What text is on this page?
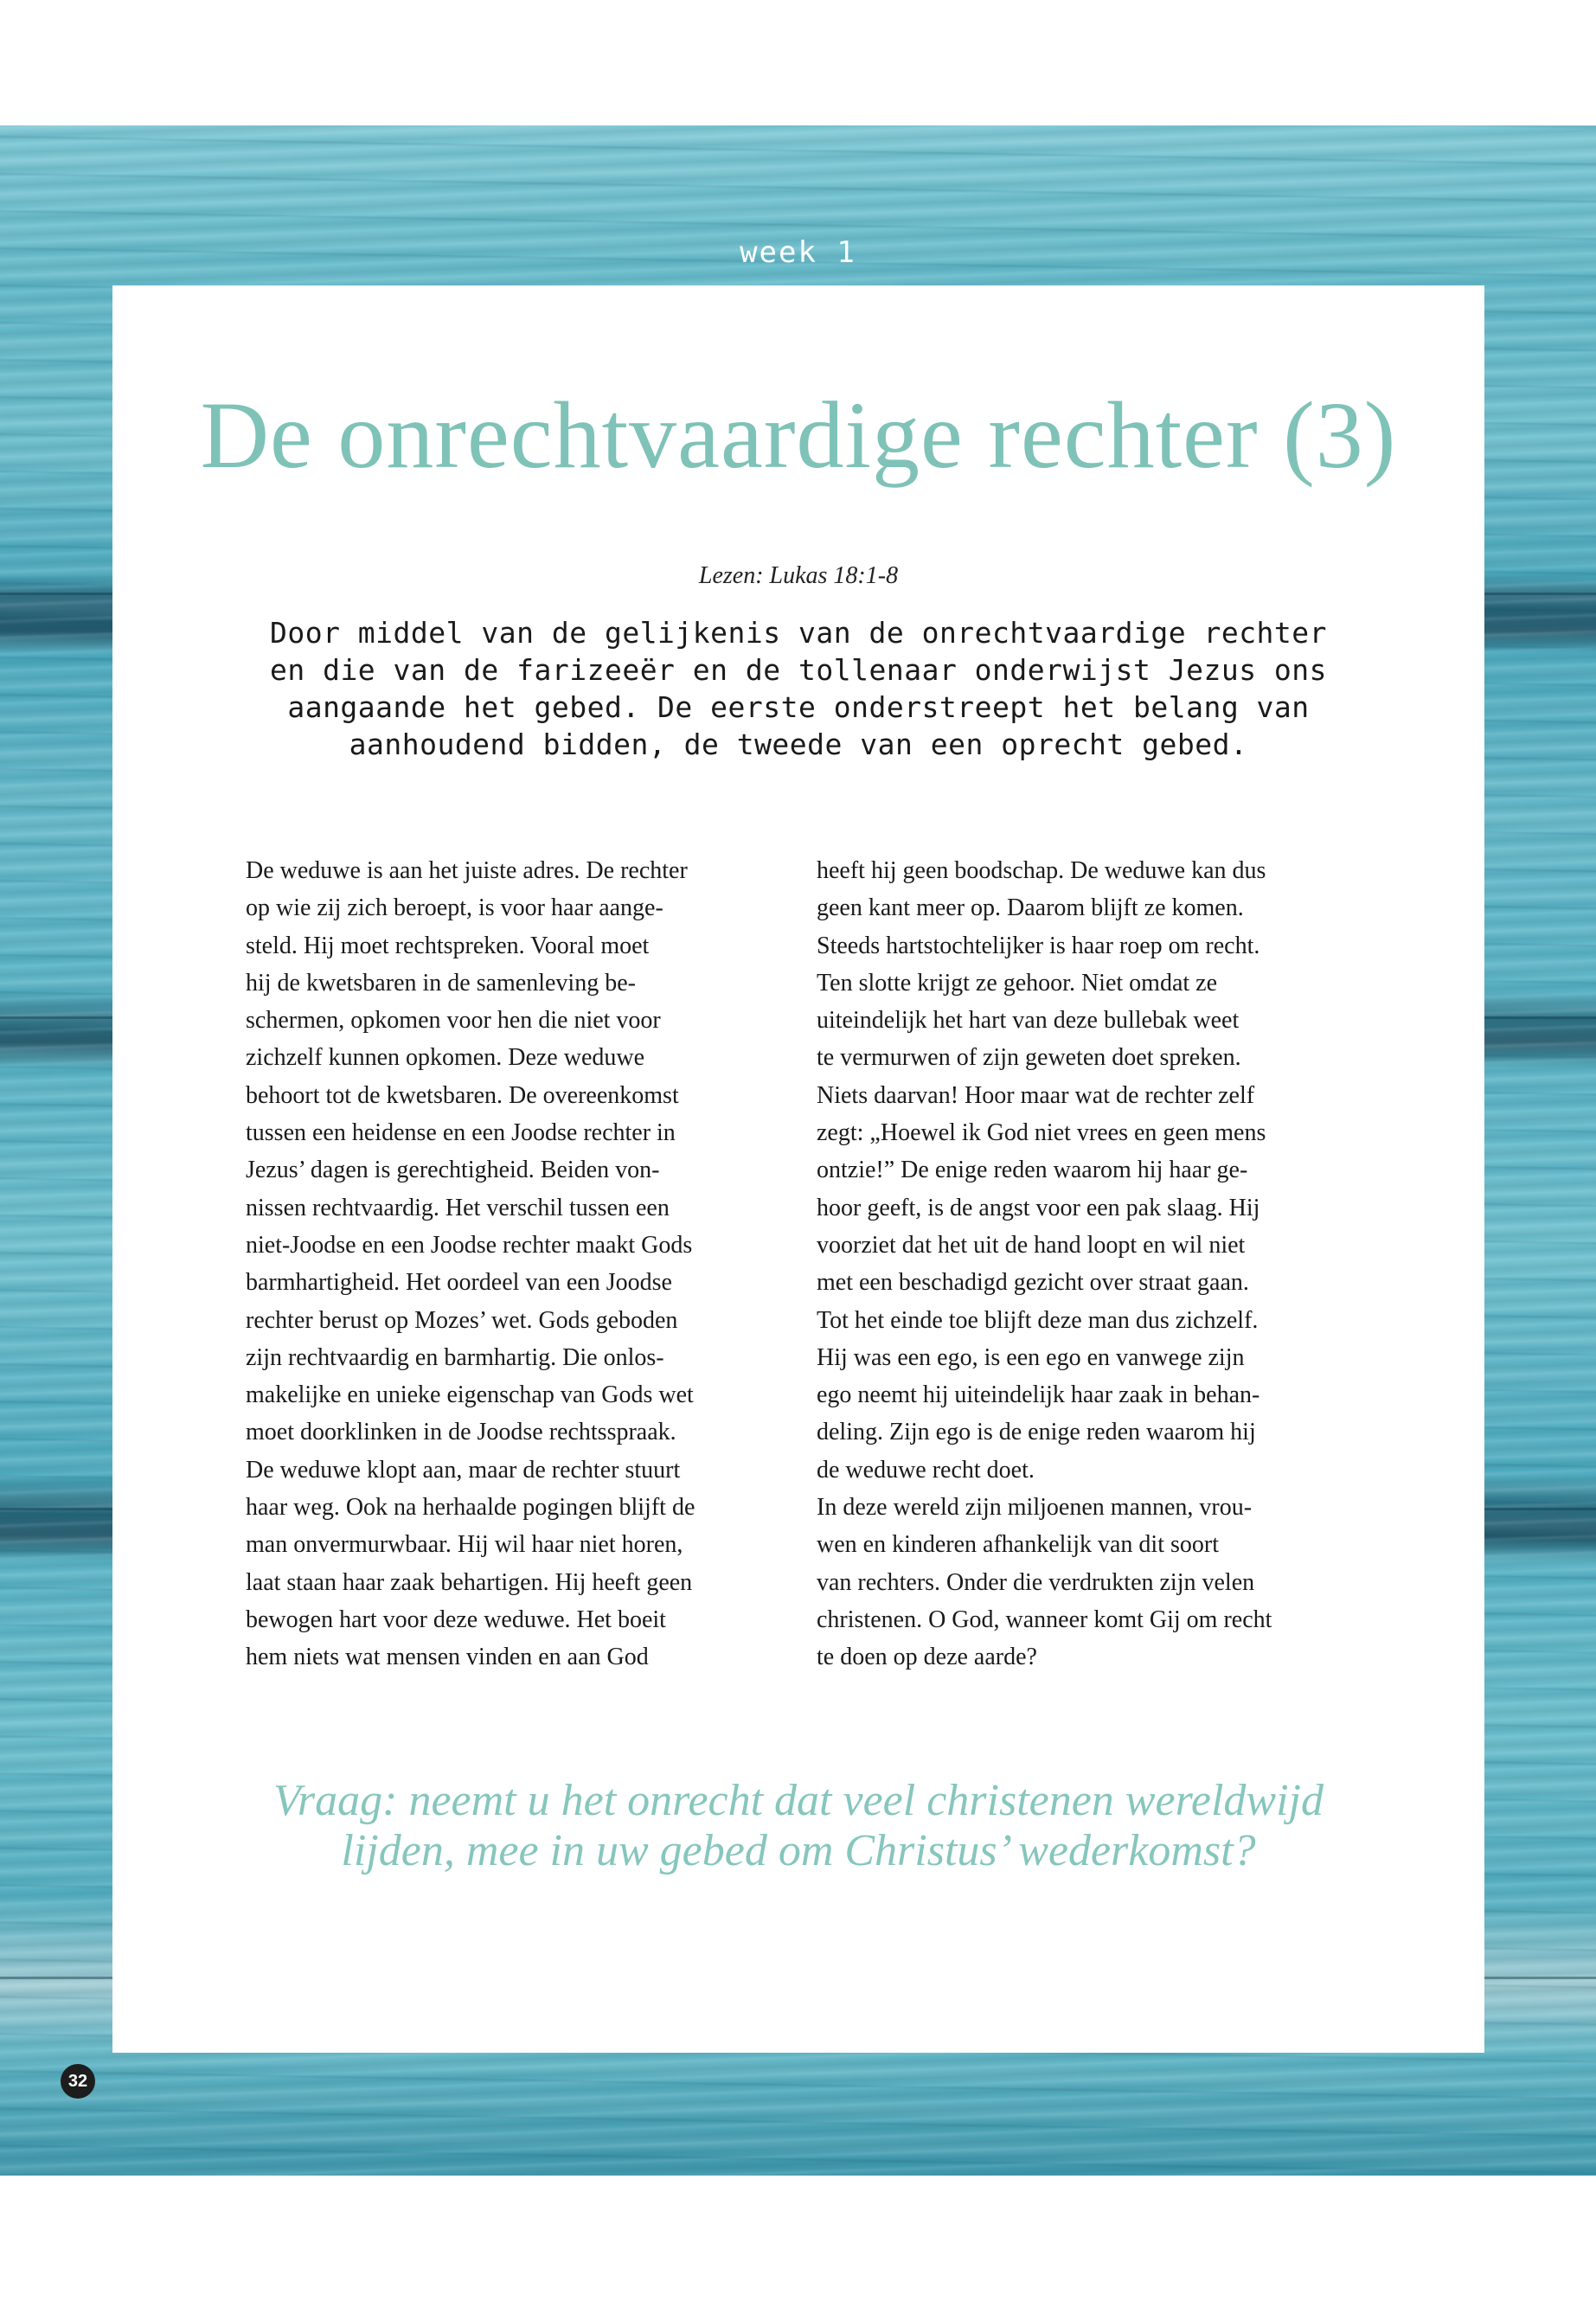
week 1
De onrechtvaardige rechter (3)
Lezen: Lukas 18:1-8
Door middel van de gelijkenis van de onrechtvaardige rechter
en die van de farizeeër en de tollenaar onderwijst Jezus ons
aangaande het gebed. De eerste onderstreept het belang van
aanhoudend bidden, de tweede van een oprecht gebed.
De weduwe is aan het juiste adres. De rechter
op wie zij zich beroept, is voor haar aange-
steld. Hij moet rechtspreken. Vooral moet
hij de kwetsbaren in de samenleving be-
schermen, opkomen voor hen die niet voor
zichzelf kunnen opkomen. Deze weduwe
behoort tot de kwetsbaren. De overeenkomst
tussen een heidense en een Joodse rechter in
Jezus’ dagen is gerechtigheid. Beiden von-
nissen rechtvaardig. Het verschil tussen een
niet-Joodse en een Joodse rechter maakt Gods
barmhartigheid. Het oordeel van een Joodse
rechter berust op Mozes’ wet. Gods geboden
zijn rechtvaardig en barmhartig. Die onlos-
makelijke en unieke eigenschap van Gods wet
moet doorklinken in de Joodse rechtsspraak.
De weduwe klopt aan, maar de rechter stuurt
haar weg. Ook na herhaalde pogingen blijft de
man onvermurwbaar. Hij wil haar niet horen,
laat staan haar zaak behartigen. Hij heeft geen
bewogen hart voor deze weduwe. Het boeit
hem niets wat mensen vinden en aan God
heeft hij geen boodschap. De weduwe kan dus
geen kant meer op. Daarom blijft ze komen.
Steeds hartstochtelijker is haar roep om recht.
Ten slotte krijgt ze gehoor. Niet omdat ze
uiteindelijk het hart van deze bullebak weet
te vermurwen of zijn geweten doet spreken.
Niets daarvan! Hoor maar wat de rechter zelf
zegt: „Hoewel ik God niet vrees en geen mens
ontzie!” De enige reden waarom hij haar ge-
hoor geeft, is de angst voor een pak slaag. Hij
voorziet dat het uit de hand loopt en wil niet
met een beschadigd gezicht over straat gaan.
Tot het einde toe blijft deze man dus zichzelf.
Hij was een ego, is een ego en vanwege zijn
ego neemt hij uiteindelijk haar zaak in behan-
deling. Zijn ego is de enige reden waarom hij
de weduwe recht doet.
In deze wereld zijn miljoenen mannen, vrou-
wen en kinderen afhankelijk van dit soort
van rechters. Onder die verdrukten zijn velen
christenen. O God, wanneer komt Gij om recht
te doen op deze aarde?
Vraag: neemt u het onrecht dat veel christenen wereldwijd
lijden, mee in uw gebed om Christus’ wederkomst?
32
